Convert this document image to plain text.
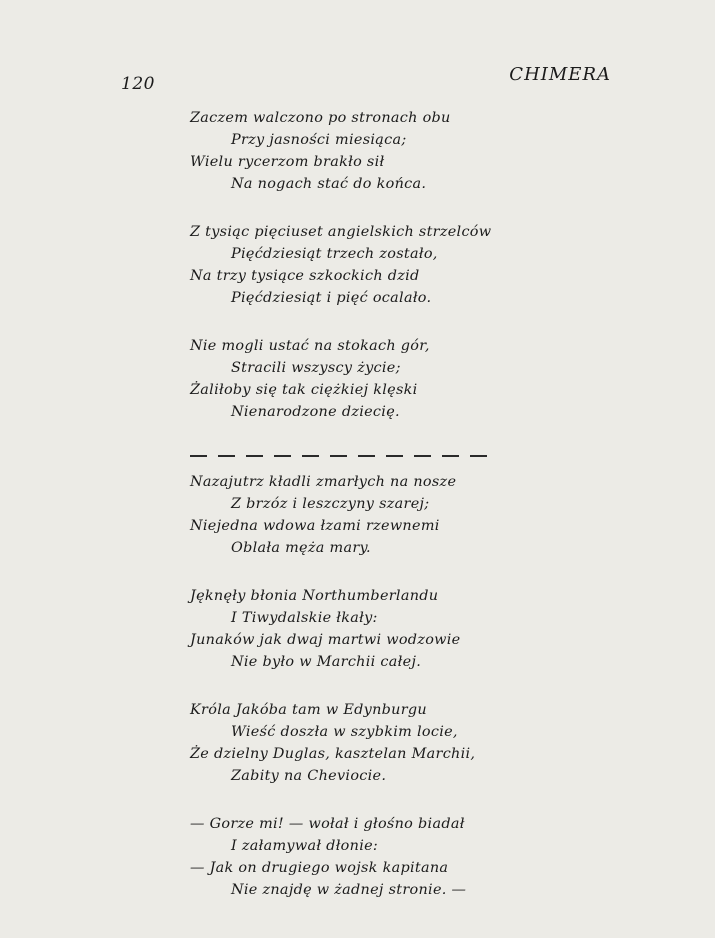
120	CHIMERA
Zaczem walczono po stronach obu
Przy jasności miesiąca;
Wielu rycerzom brakło sił
Na nogach stać do końca.
Z tysiąc pięciuset angielskich strzelców
Pięćdziesiąt trzech zostało,
Na trzy tysiące szkockich dzid
Pięćdziesiąt i pięć ocalało.
Nie mogli ustać na stokach gór,
Stracili wszyscy życie;
Żaliłoby się tak ciężkiej klęski
Nienarodzone dziecię.
Nazajutrz kładli zmarłych na nosze
Z brzóz i leszczyny szarej;
Niejedna wdowa łzami rzewnemi
Oblała męża mary.
Jęknęły błonia Northumberlandu
I Tiwydalskie łkały:
Junaków jak dwaj martwi wodzowie
Nie było w Marchii całej.
Króla Jakóba tam w Edynburgu
Wieść doszła w szybkim locie,
Że dzielny Duglas, kasztelan Marchii,
Zabity na Cheviocie.
— Gorze mi! — wołał i głośno biadał
I załamywał dłonie:
— Jak on drugiego wojsk kapitana
Nie znajdę w żadnej stronie. —
